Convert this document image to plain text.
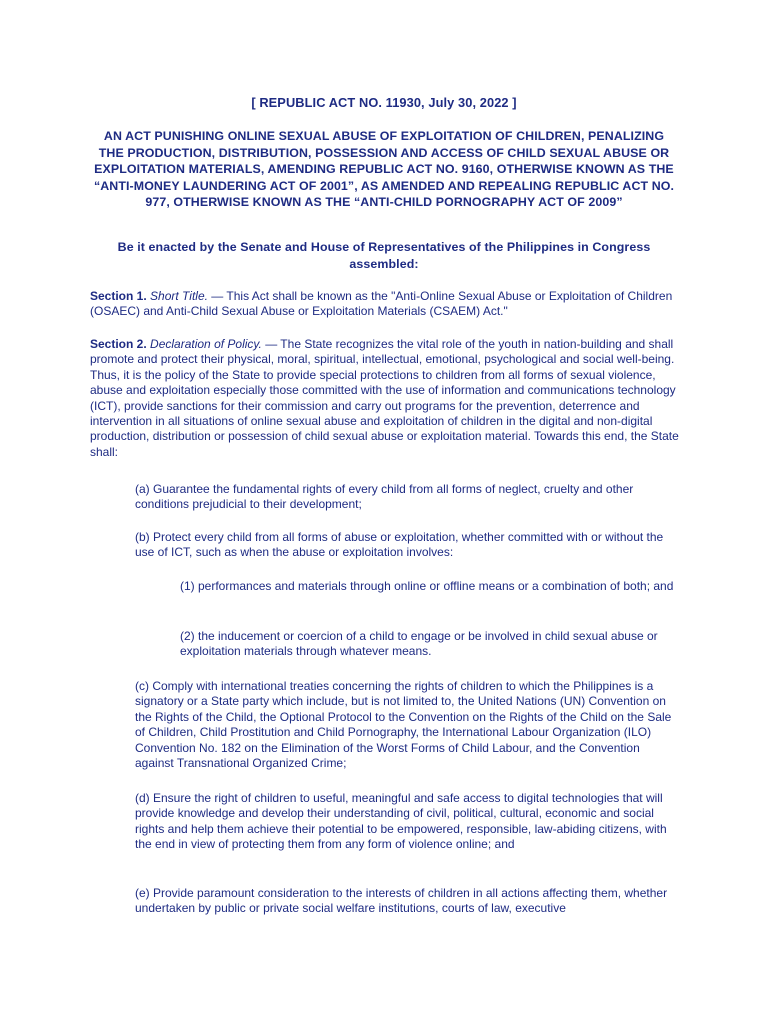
[ REPUBLIC ACT NO. 11930, July 30, 2022 ]
AN ACT PUNISHING ONLINE SEXUAL ABUSE OF EXPLOITATION OF CHILDREN, PENALIZING THE PRODUCTION, DISTRIBUTION, POSSESSION AND ACCESS OF CHILD SEXUAL ABUSE OR EXPLOITATION MATERIALS, AMENDING REPUBLIC ACT NO. 9160, OTHERWISE KNOWN AS THE “ANTI-MONEY LAUNDERING ACT OF 2001”, AS AMENDED AND REPEALING REPUBLIC ACT NO. 977, OTHERWISE KNOWN AS THE “ANTI-CHILD PORNOGRAPHY ACT OF 2009”
Be it enacted by the Senate and House of Representatives of the Philippines in Congress assembled:
Section 1. Short Title. — This Act shall be known as the "Anti-Online Sexual Abuse or Exploitation of Children (OSAEC) and Anti-Child Sexual Abuse or Exploitation Materials (CSAEM) Act."
Section 2. Declaration of Policy. — The State recognizes the vital role of the youth in nation-building and shall promote and protect their physical, moral, spiritual, intellectual, emotional, psychological and social well-being. Thus, it is the policy of the State to provide special protections to children from all forms of sexual violence, abuse and exploitation especially those committed with the use of information and communications technology (ICT), provide sanctions for their commission and carry out programs for the prevention, deterrence and intervention in all situations of online sexual abuse and exploitation of children in the digital and non-digital production, distribution or possession of child sexual abuse or exploitation material. Towards this end, the State shall:
(a) Guarantee the fundamental rights of every child from all forms of neglect, cruelty and other conditions prejudicial to their development;
(b) Protect every child from all forms of abuse or exploitation, whether committed with or without the use of ICT, such as when the abuse or exploitation involves:
(1) performances and materials through online or offline means or a combination of both; and
(2) the inducement or coercion of a child to engage or be involved in child sexual abuse or exploitation materials through whatever means.
(c) Comply with international treaties concerning the rights of children to which the Philippines is a signatory or a State party which include, but is not limited to, the United Nations (UN) Convention on the Rights of the Child, the Optional Protocol to the Convention on the Rights of the Child on the Sale of Children, Child Prostitution and Child Pornography, the International Labour Organization (ILO) Convention No. 182 on the Elimination of the Worst Forms of Child Labour, and the Convention against Transnational Organized Crime;
(d) Ensure the right of children to useful, meaningful and safe access to digital technologies that will provide knowledge and develop their understanding of civil, political, cultural, economic and social rights and help them achieve their potential to be empowered, responsible, law-abiding citizens, with the end in view of protecting them from any form of violence online; and
(e) Provide paramount consideration to the interests of children in all actions affecting them, whether undertaken by public or private social welfare institutions, courts of law, executive
